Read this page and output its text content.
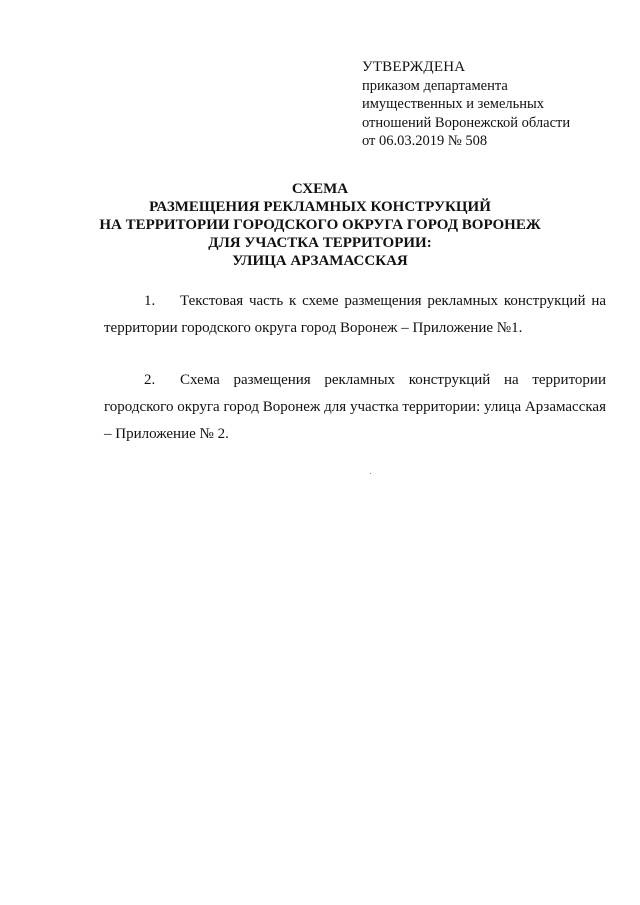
УТВЕРЖДЕНА
приказом департамента
имущественных и земельных
отношений Воронежской области
от 06.03.2019 № 508
СХЕМА
РАЗМЕЩЕНИЯ РЕКЛАМНЫХ КОНСТРУКЦИЙ
НА ТЕРРИТОРИИ ГОРОДСКОГО ОКРУГА ГОРОД ВОРОНЕЖ
ДЛЯ УЧАСТКА ТЕРРИТОРИИ:
УЛИЦА АРЗАМАССКАЯ
1. Текстовая часть к схеме размещения рекламных конструкций на территории городского округа город Воронеж – Приложение №1.
2. Схема размещения рекламных конструкций на территории городского округа город Воронеж для участка территории: улица Арзамасская – Приложение № 2.
